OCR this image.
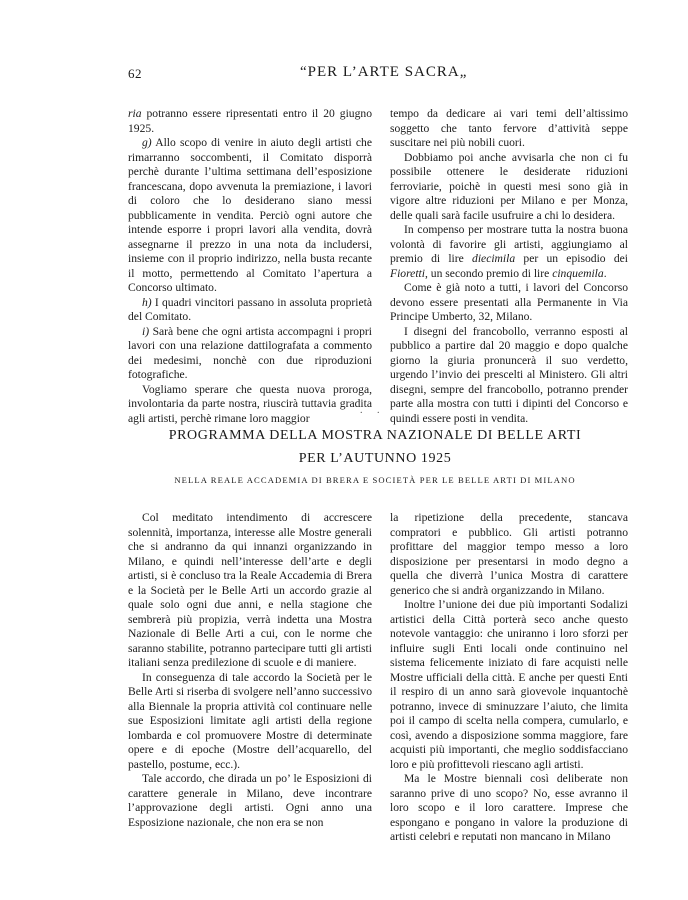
62	“PER L’ARTE SACRA„

ria potranno essere ripresentati entro il 20 giugno 1925.

g) Allo scopo di venire in aiuto degli artisti che rimarranno soccombenti, il Comitato disporrà perchè durante l’ultima settimana dell’esposizione francescana, dopo avvenuta la premiazione, i lavori di coloro che lo desiderano siano messi pubblicamente in vendita. Perciò ogni autore che intende esporre i propri lavori alla vendita, dovrà assegnarne il prezzo in una nota da includersi, insieme con il proprio indirizzo, nella busta recante il motto, permettendo al Comitato l’apertura a Concorso ultimato.

h) I quadri vincitori passano in assoluta proprietà del Comitato.

i) Sarà bene che ogni artista accompagni i propri lavori con una relazione dattilografata a commento dei medesimi, nonchè con due riproduzioni fotografiche.

Vogliamo sperare che questa nuova proroga, involontaria da parte nostra, riuscirà tuttavia gradita agli artisti, perchè rimane loro maggior

tempo da dedicare ai vari temi dell’altissimo soggetto che tanto fervore d’attività seppe suscitare nei più nobili cuori.

Dobbiamo poi anche avvisarla che non ci fu possibile ottenere le desiderate riduzioni ferroviarie, poichè in questi mesi sono già in vigore altre riduzioni per Milano e per Monza, delle quali sarà facile usufruire a chi lo desidera.

In compenso per mostrare tutta la nostra buona volontà di favorire gli artisti, aggiungiamo al premio di lire diecimila per un episodio dei Fioretti, un secondo premio di lire cinquemila.

Come è già noto a tutti, i lavori del Concorso devono essere presentati alla Permanente in Via Principe Umberto, 32, Milano.

I disegni del francobollo, verranno esposti al pubblico a partire dal 20 maggio e dopo qualche giorno la giuria pronuncerà il suo verdetto, urgendo l’invio dei prescelti al Ministero. Gli altri disegni, sempre del francobollo, potranno prender parte alla mostra con tutti i dipinti del Concorso e quindi essere posti in vendita.

. .
PROGRAMMA DELLA MOSTRA NAZIONALE DI BELLE ARTI
PER L’AUTUNNO 1925
NELLA REALE ACCADEMIA DI BRERA E SOCIETÀ PER LE BELLE ARTI DI MILANO

Col meditato intendimento di accrescere solennità, importanza, interesse alle Mostre generali che si andranno da qui innanzi organizzando in Milano, e quindi nell’interesse dell’arte e degli artisti, si è concluso tra la Reale Accademia di Brera e la Società per le Belle Arti un accordo grazie al quale solo ogni due anni, e nella stagione che sembrerà più propizia, verrà indetta una Mostra Nazionale di Belle Arti a cui, con le norme che saranno stabilite, potranno partecipare tutti gli artisti italiani senza predilezione di scuole e di maniere.

In conseguenza di tale accordo la Società per le Belle Arti si riserba di svolgere nell’anno successivo alla Biennale la propria attività col continuare nelle sue Esposizioni limitate agli artisti della regione lombarda e col promuovere Mostre di determinate opere e di epoche (Mostre dell’acquarello, del pastello, postume, ecc.).

Tale accordo, che dirada un po’ le Esposizioni di carattere generale in Milano, deve incontrare l’approvazione degli artisti. Ogni anno una Esposizione nazionale, che non era se non

la ripetizione della precedente, stancava compratori e pubblico. Gli artisti potranno profittare del maggior tempo messo a loro disposizione per presentarsi in modo degno a quella che diverrà l’unica Mostra di carattere generico che si andrà organizzando in Milano.

Inoltre l’unione dei due più importanti Sodalizi artistici della Città porterà seco anche questo notevole vantaggio: che uniranno i loro sforzi per influire sugli Enti locali onde continuino nel sistema felicemente iniziato di fare acquisti nelle Mostre ufficiali della città. E anche per questi Enti il respiro di un anno sarà giovevole inquantochè potranno, invece di sminuzzare l’aiuto, che limita poi il campo di scelta nella compera, cumularlo, e così, avendo a disposizione somma maggiore, fare acquisti più importanti, che meglio soddisfacciano loro e più profittevoli riescano agli artisti.

Ma le Mostre biennali così deliberate non saranno prive di uno scopo? No, esse avranno il loro scopo e il loro carattere. Imprese che espongano e pongano in valore la produzione di artisti celebri e reputati non mancano in Milano
